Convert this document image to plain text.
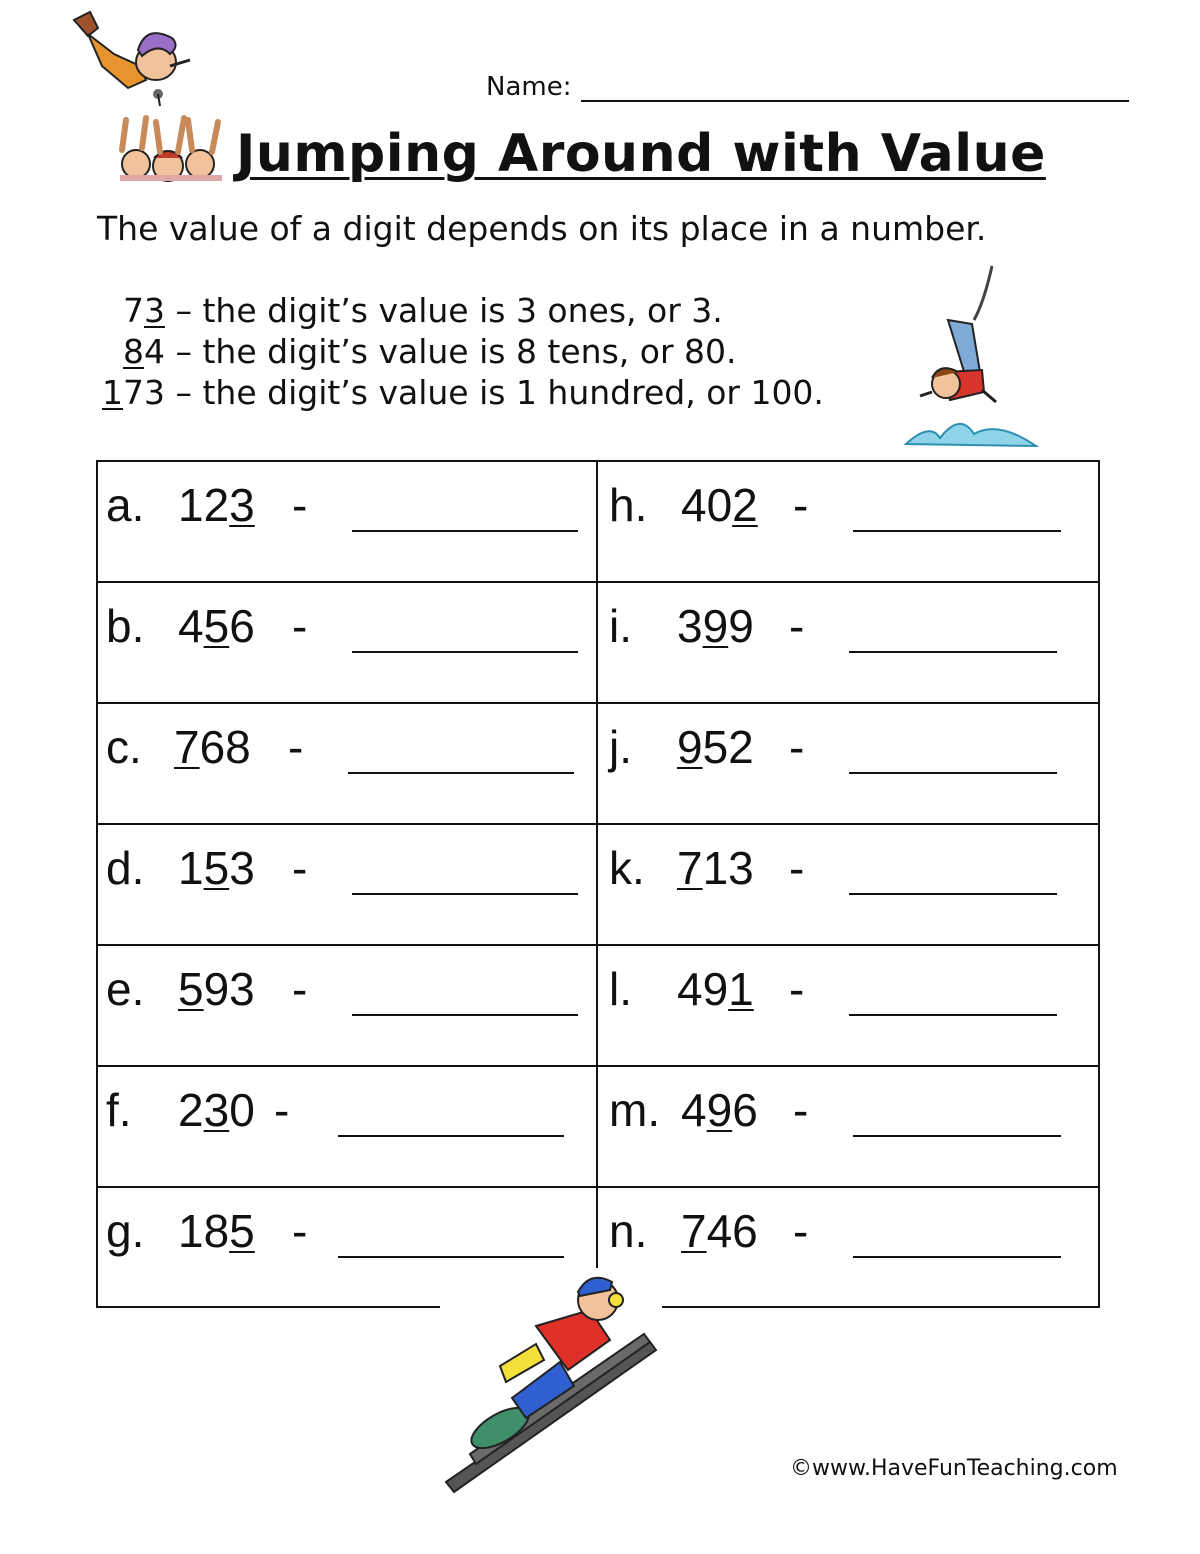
Name:
Jumping Around with Value
The value of a digit depends on its place in a number.
73 – the digit’s value is 3 ones, or 3.
84 – the digit’s value is 8 tens, or 80.
173 – the digit’s value is 1 hundred, or 100.
a. 123 -
b. 456 -
c. 768 -
d. 153 -
e. 593 -
f. 230 -
g. 185 -
h. 402 -
i. 399 -
j. 952 -
k. 713 -
l. 491 -
m. 496 -
n. 746 -
©www.HaveFunTeaching.com
